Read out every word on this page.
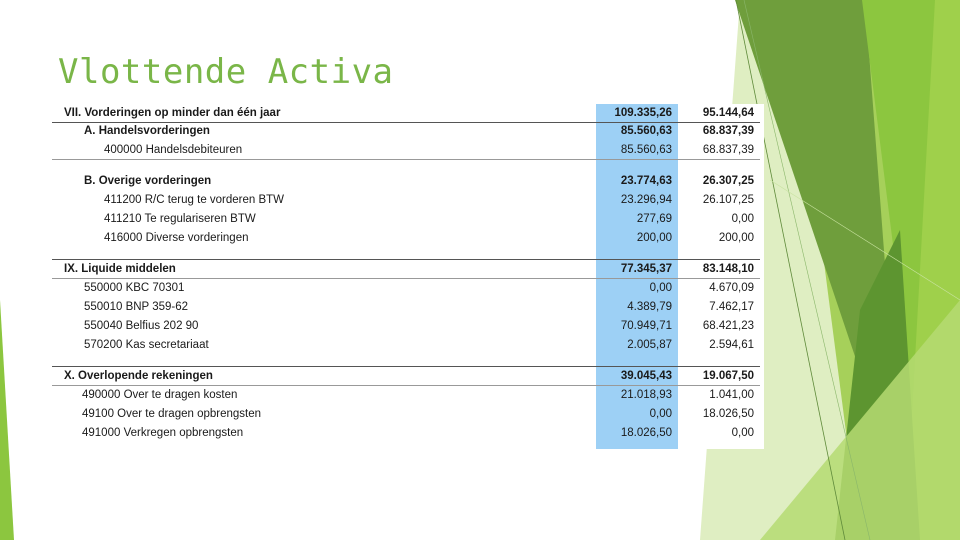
Vlottende Activa
VII. Vorderingen op minder dan één jaar	109.335,26	95.144,64
A. Handelsvorderingen	85.560,63	68.837,39
400000 Handelsdebiteuren	85.560,63	68.837,39
B. Overige vorderingen	23.774,63	26.307,25
411200 R/C terug te vorderen BTW	23.296,94	26.107,25
411210 Te regulariseren BTW	277,69	0,00
416000 Diverse vorderingen	200,00	200,00
IX. Liquide middelen	77.345,37	83.148,10
550000 KBC 70301	0,00	4.670,09
550010 BNP 359-62	4.389,79	7.462,17
550040 Belfius 202 90	70.949,71	68.421,23
570200 Kas secretariaat	2.005,87	2.594,61
X. Overlopende rekeningen	39.045,43	19.067,50
490000 Over te dragen kosten	21.018,93	1.041,00
49100 Over te dragen opbrengsten	0,00	18.026,50
491000 Verkregen opbrengsten	18.026,50	0,00
